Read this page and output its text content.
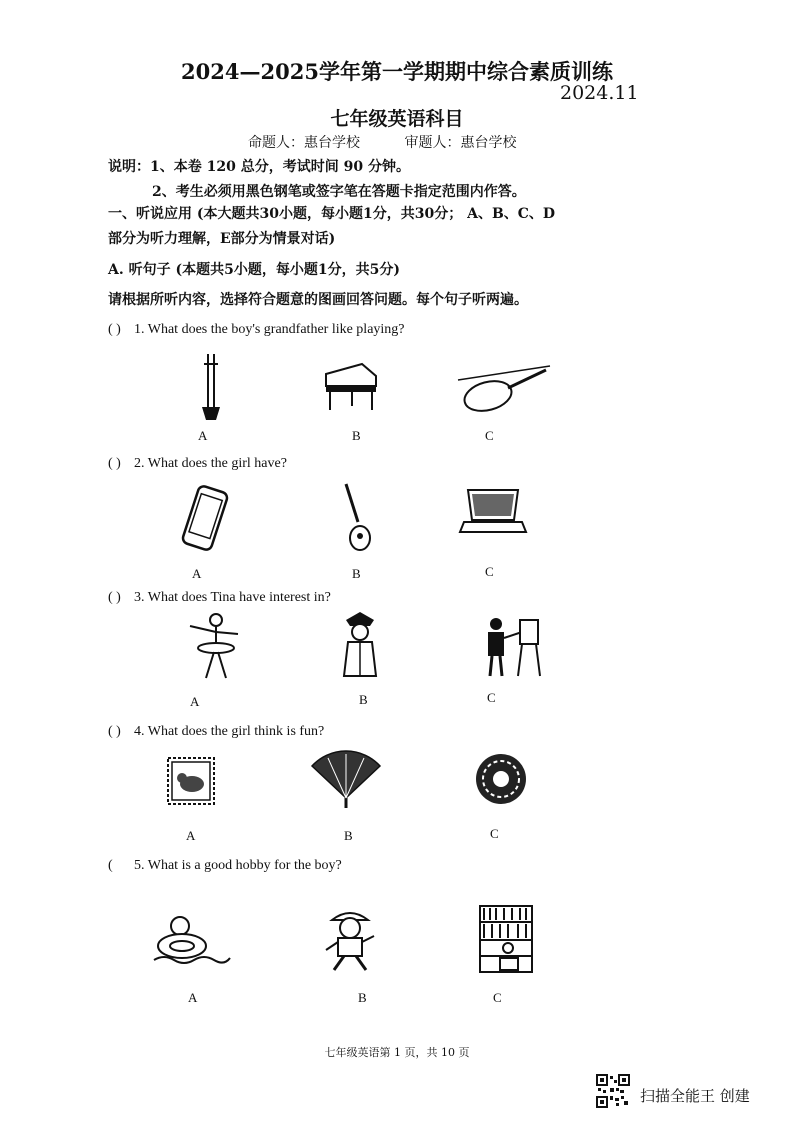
2024—2025学年第一学期期中综合素质训练
2024.11
七年级英语科目
命题人：惠台学校	审题人：惠台学校
说明：1、本卷 120 总分，考试时间 90 分钟。
2、考生必须用黑色钢笔或签字笔在答题卡指定范围内作答。
一、听说应用 (本大题共30小题，每小题1分，共30分； A、B、C、D
部分为听力理解，E部分为情景对话)
A. 听句子 (本题共5小题，每小题1分，共5分)
请根据所听内容，选择符合题意的图画回答问题。每个句子听两遍。
( ) 1. What does the boy's grandfather like playing?
A	B	C
( ) 2. What does the girl have?
A	B	C
( ) 3. What does Tina have interest in?
A	B	C
( ) 4. What does the girl think is fun?
A	B	C
(5. What is a good hobby for the boy?
A	B	C
七年级英语第 1 页，共 10 页
扫描全能王 创建
